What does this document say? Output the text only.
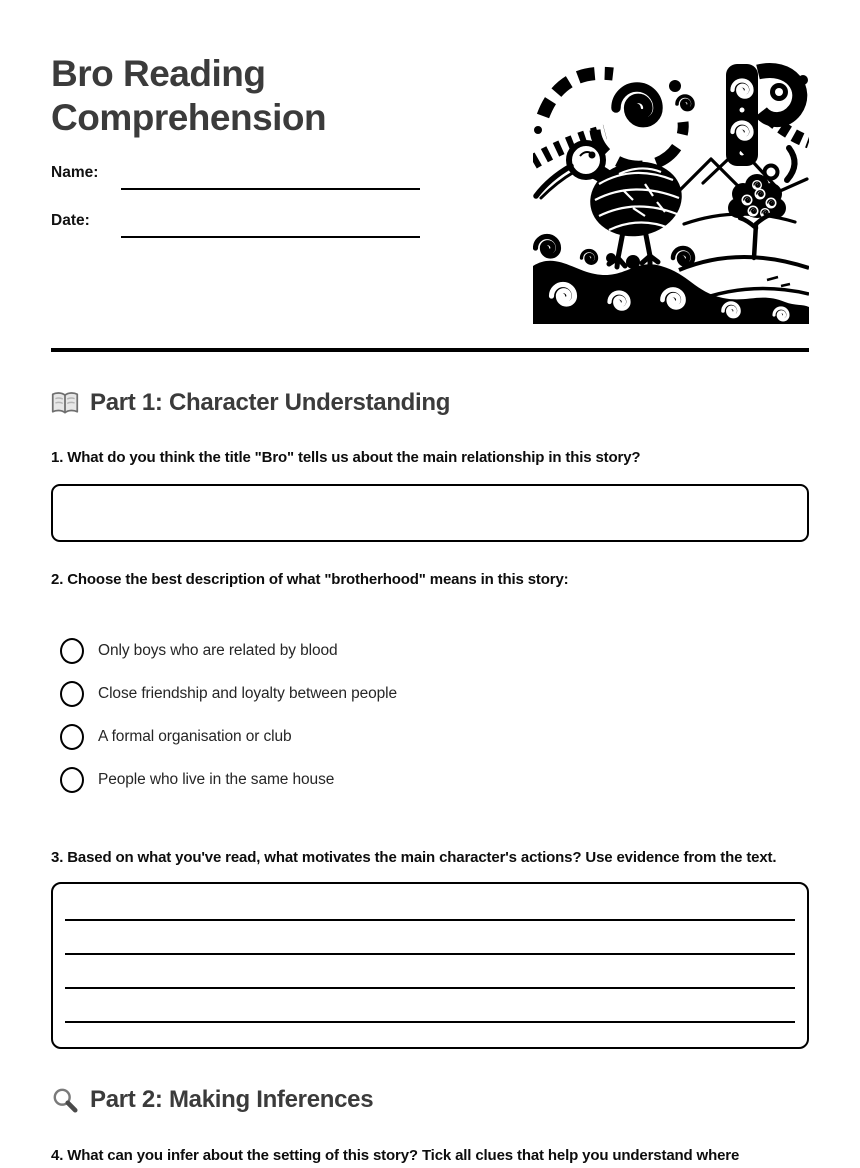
Bro Reading Comprehension
Name:
Date:
Part 1: Character Understanding

1. What do you think the title "Bro" tells us about the main relationship in this story?

2. Choose the best description of what "brotherhood" means in this story:

Only boys who are related by blood
Close friendship and loyalty between people
A formal organisation or club
People who live in the same house

3. Based on what you've read, what motivates the main character's actions? Use evidence from the text.

Part 2: Making Inferences

4. What can you infer about the setting of this story? Tick all clues that help you understand where
